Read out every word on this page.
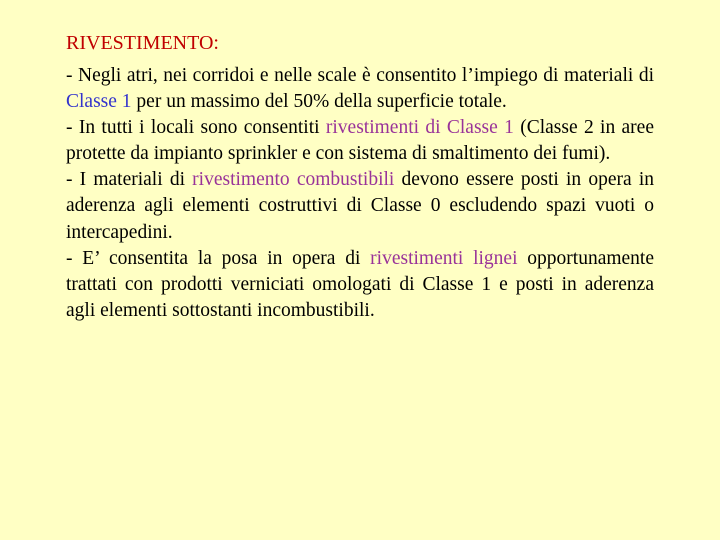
RIVESTIMENTO:

- Negli atri, nei corridoi e nelle scale è consentito l’impiego di materiali di Classe 1 per un massimo del 50% della superficie totale.

- In tutti i locali sono consentiti rivestimenti di Classe 1 (Classe 2 in aree protette da impianto sprinkler e con sistema di smaltimento dei fumi).

- I materiali di rivestimento combustibili devono essere posti in opera in aderenza agli elementi costruttivi di Classe 0 escludendo spazi vuoti o intercapedini.

- E’ consentita la posa in opera di rivestimenti lignei opportunamente trattati con prodotti verniciati omologati di Classe 1 e posti in aderenza agli elementi sottostanti incombustibili.
